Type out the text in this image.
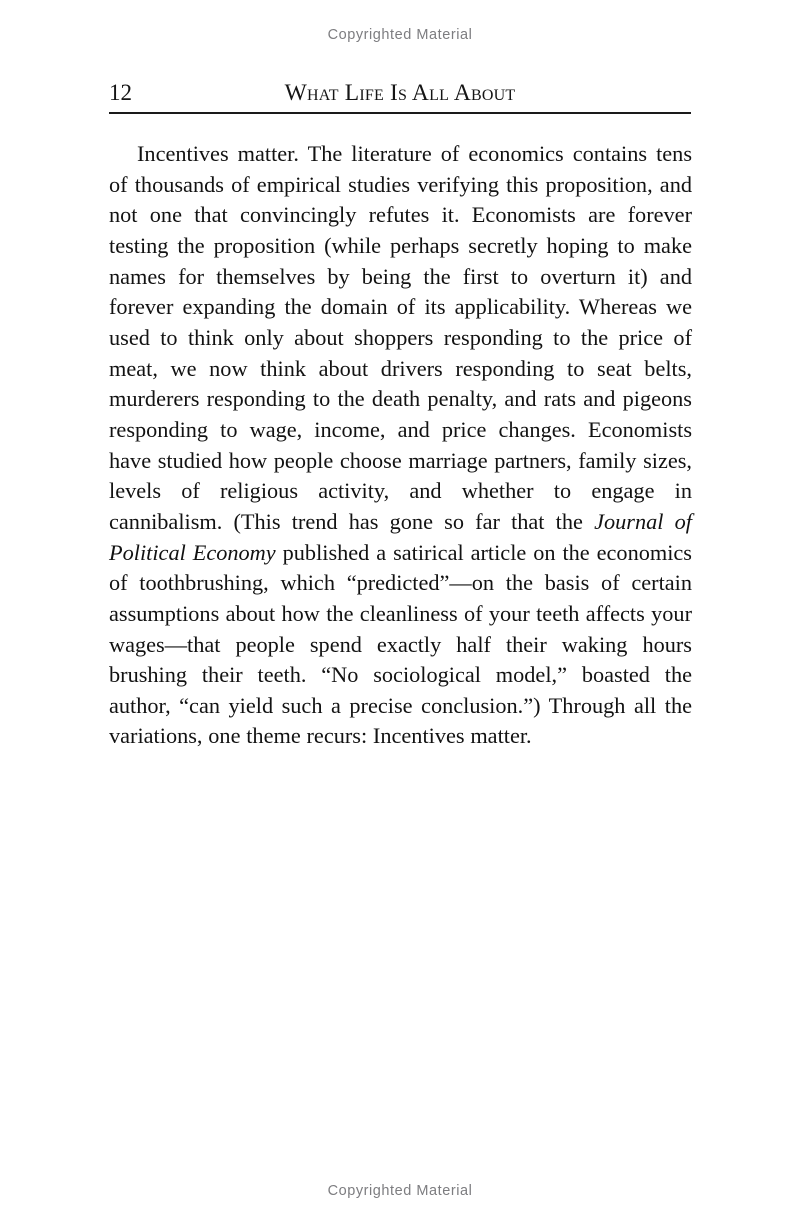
Copyrighted Material
12	What Life Is All About

Incentives matter. The literature of economics contains tens of thousands of empirical studies verifying this proposition, and not one that convincingly refutes it. Economists are forever testing the proposition (while perhaps secretly hoping to make names for themselves by being the first to overturn it) and forever expanding the domain of its applicability. Whereas we used to think only about shoppers responding to the price of meat, we now think about drivers responding to seat belts, murderers responding to the death penalty, and rats and pigeons responding to wage, income, and price changes. Economists have studied how people choose marriage partners, family sizes, levels of religious activity, and whether to engage in cannibalism. (This trend has gone so far that the Journal of Political Economy published a satirical article on the economics of toothbrushing, which “predicted”—on the basis of certain assumptions about how the cleanliness of your teeth affects your wages—that people spend exactly half their waking hours brushing their teeth. “No sociological model,” boasted the author, “can yield such a precise conclusion.”) Through all the variations, one theme recurs: Incentives matter.

Copyrighted Material
